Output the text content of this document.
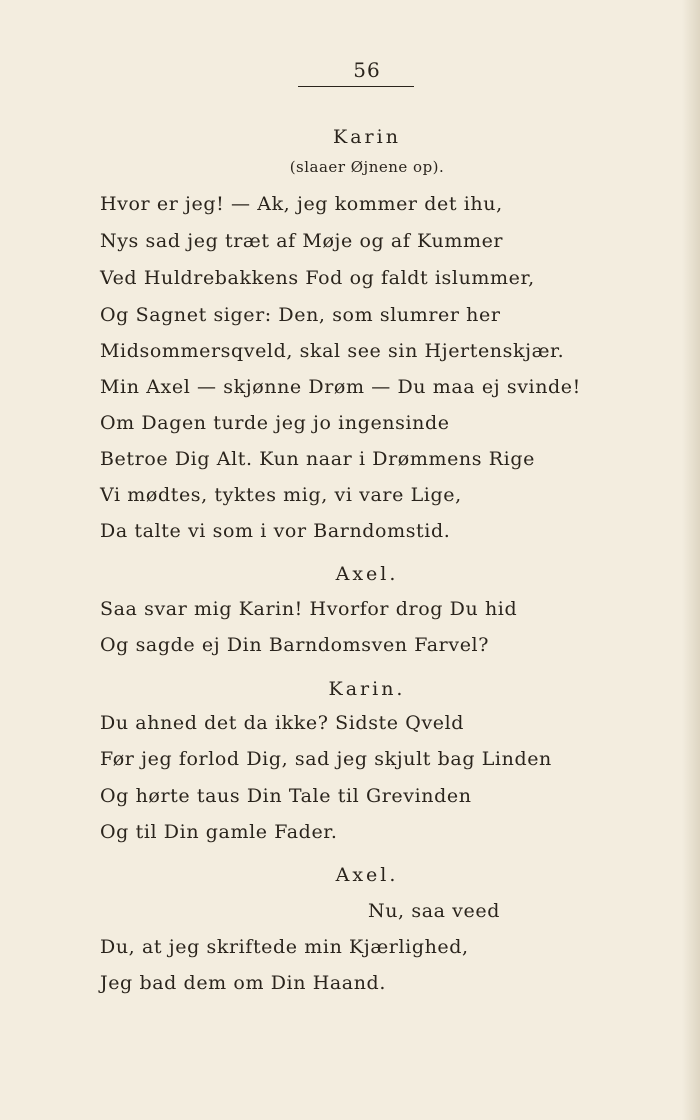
56
Karin
(slaaer Øjnene op).
Hvor er jeg! — Ak, jeg kommer det ihu,
Nys sad jeg træt af Møje og af Kummer
Ved Huldrebakkens Fod og faldt islummer,
Og Sagnet siger: Den, som slumrer her
Midsommersqveld, skal see sin Hjertenskjær.
Min Axel — skjønne Drøm — Du maa ej svinde!
Om Dagen turde jeg jo ingensinde
Betroe Dig Alt. Kun naar i Drømmens Rige
Vi mødtes, tyktes mig, vi vare Lige,
Da talte vi som i vor Barndomstid.
Axel.
Saa svar mig Karin! Hvorfor drog Du hid
Og sagde ej Din Barndomsven Farvel?
Karin.
Du ahned det da ikke? Sidste Qveld
Før jeg forlod Dig, sad jeg skjult bag Linden
Og hørte taus Din Tale til Grevinden
Og til Din gamle Fader.
Axel.
Nu, saa veed
Du, at jeg skriftede min Kjærlighed,
Jeg bad dem om Din Haand.
